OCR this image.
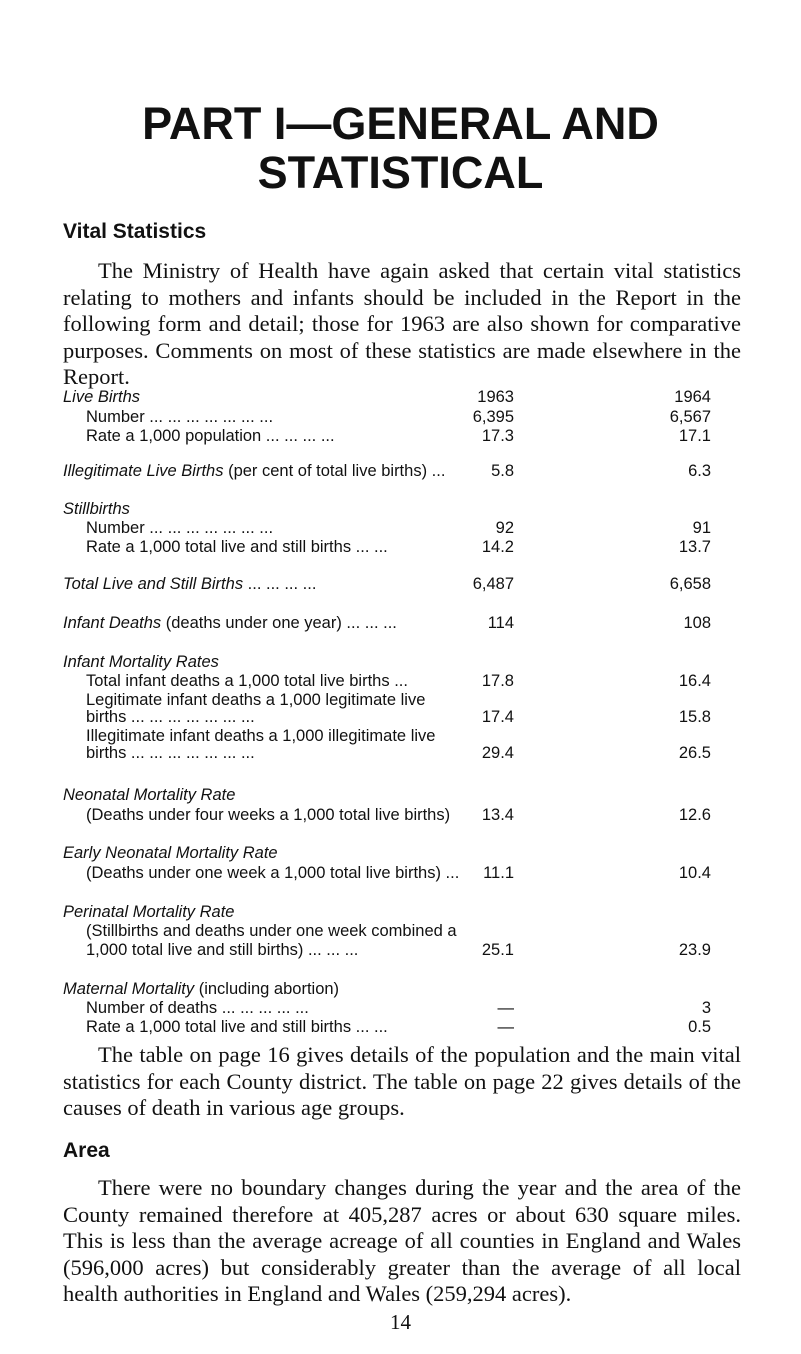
PART I—GENERAL AND
STATISTICAL
Vital Statistics
The Ministry of Health have again asked that certain vital statistics relating to mothers and infants should be included in the Report in the following form and detail; those for 1963 are also shown for comparative purposes. Comments on most of these statistics are made elsewhere in the Report.
Live Births	1963	1964
Number ... ... ... ... ... ... ...	6,395	6,567
Rate a 1,000 population ... ... ... ...	17.3	17.1
Illegitimate Live Births (per cent of total live births) ...	5.8	6.3
Stillbirths
Number ... ... ... ... ... ... ...	92	91
Rate a 1,000 total live and still births ... ...	14.2	13.7
Total Live and Still Births ... ... ... ...	6,487	6,658
Infant Deaths (deaths under one year) ... ... ...	114	108
Infant Mortality Rates
Total infant deaths a 1,000 total live births ...	17.8	16.4
Legitimate infant deaths a 1,000 legitimate live
births ... ... ... ... ... ... ...	17.4	15.8
Illegitimate infant deaths a 1,000 illegitimate live
births ... ... ... ... ... ... ...	29.4	26.5
Neonatal Mortality Rate
(Deaths under four weeks a 1,000 total live births) 13.4	12.6
Early Neonatal Mortality Rate
(Deaths under one week a 1,000 total live births) ... 11.1	10.4
Perinatal Mortality Rate
(Stillbirths and deaths under one week combined a
1,000 total live and still births) ... ... ...	25.1	23.9
Maternal Mortality (including abortion)
Number of deaths ... ... ... ... ...	—	3
Rate a 1,000 total live and still births ... ...	—	0.5
The table on page 16 gives details of the population and the main vital statistics for each County district. The table on page 22 gives details of the causes of death in various age groups.
Area
There were no boundary changes during the year and the area of the County remained therefore at 405,287 acres or about 630 square miles. This is less than the average acreage of all counties in England and Wales (596,000 acres) but considerably greater than the average of all local health authorities in England and Wales (259,294 acres).
14
